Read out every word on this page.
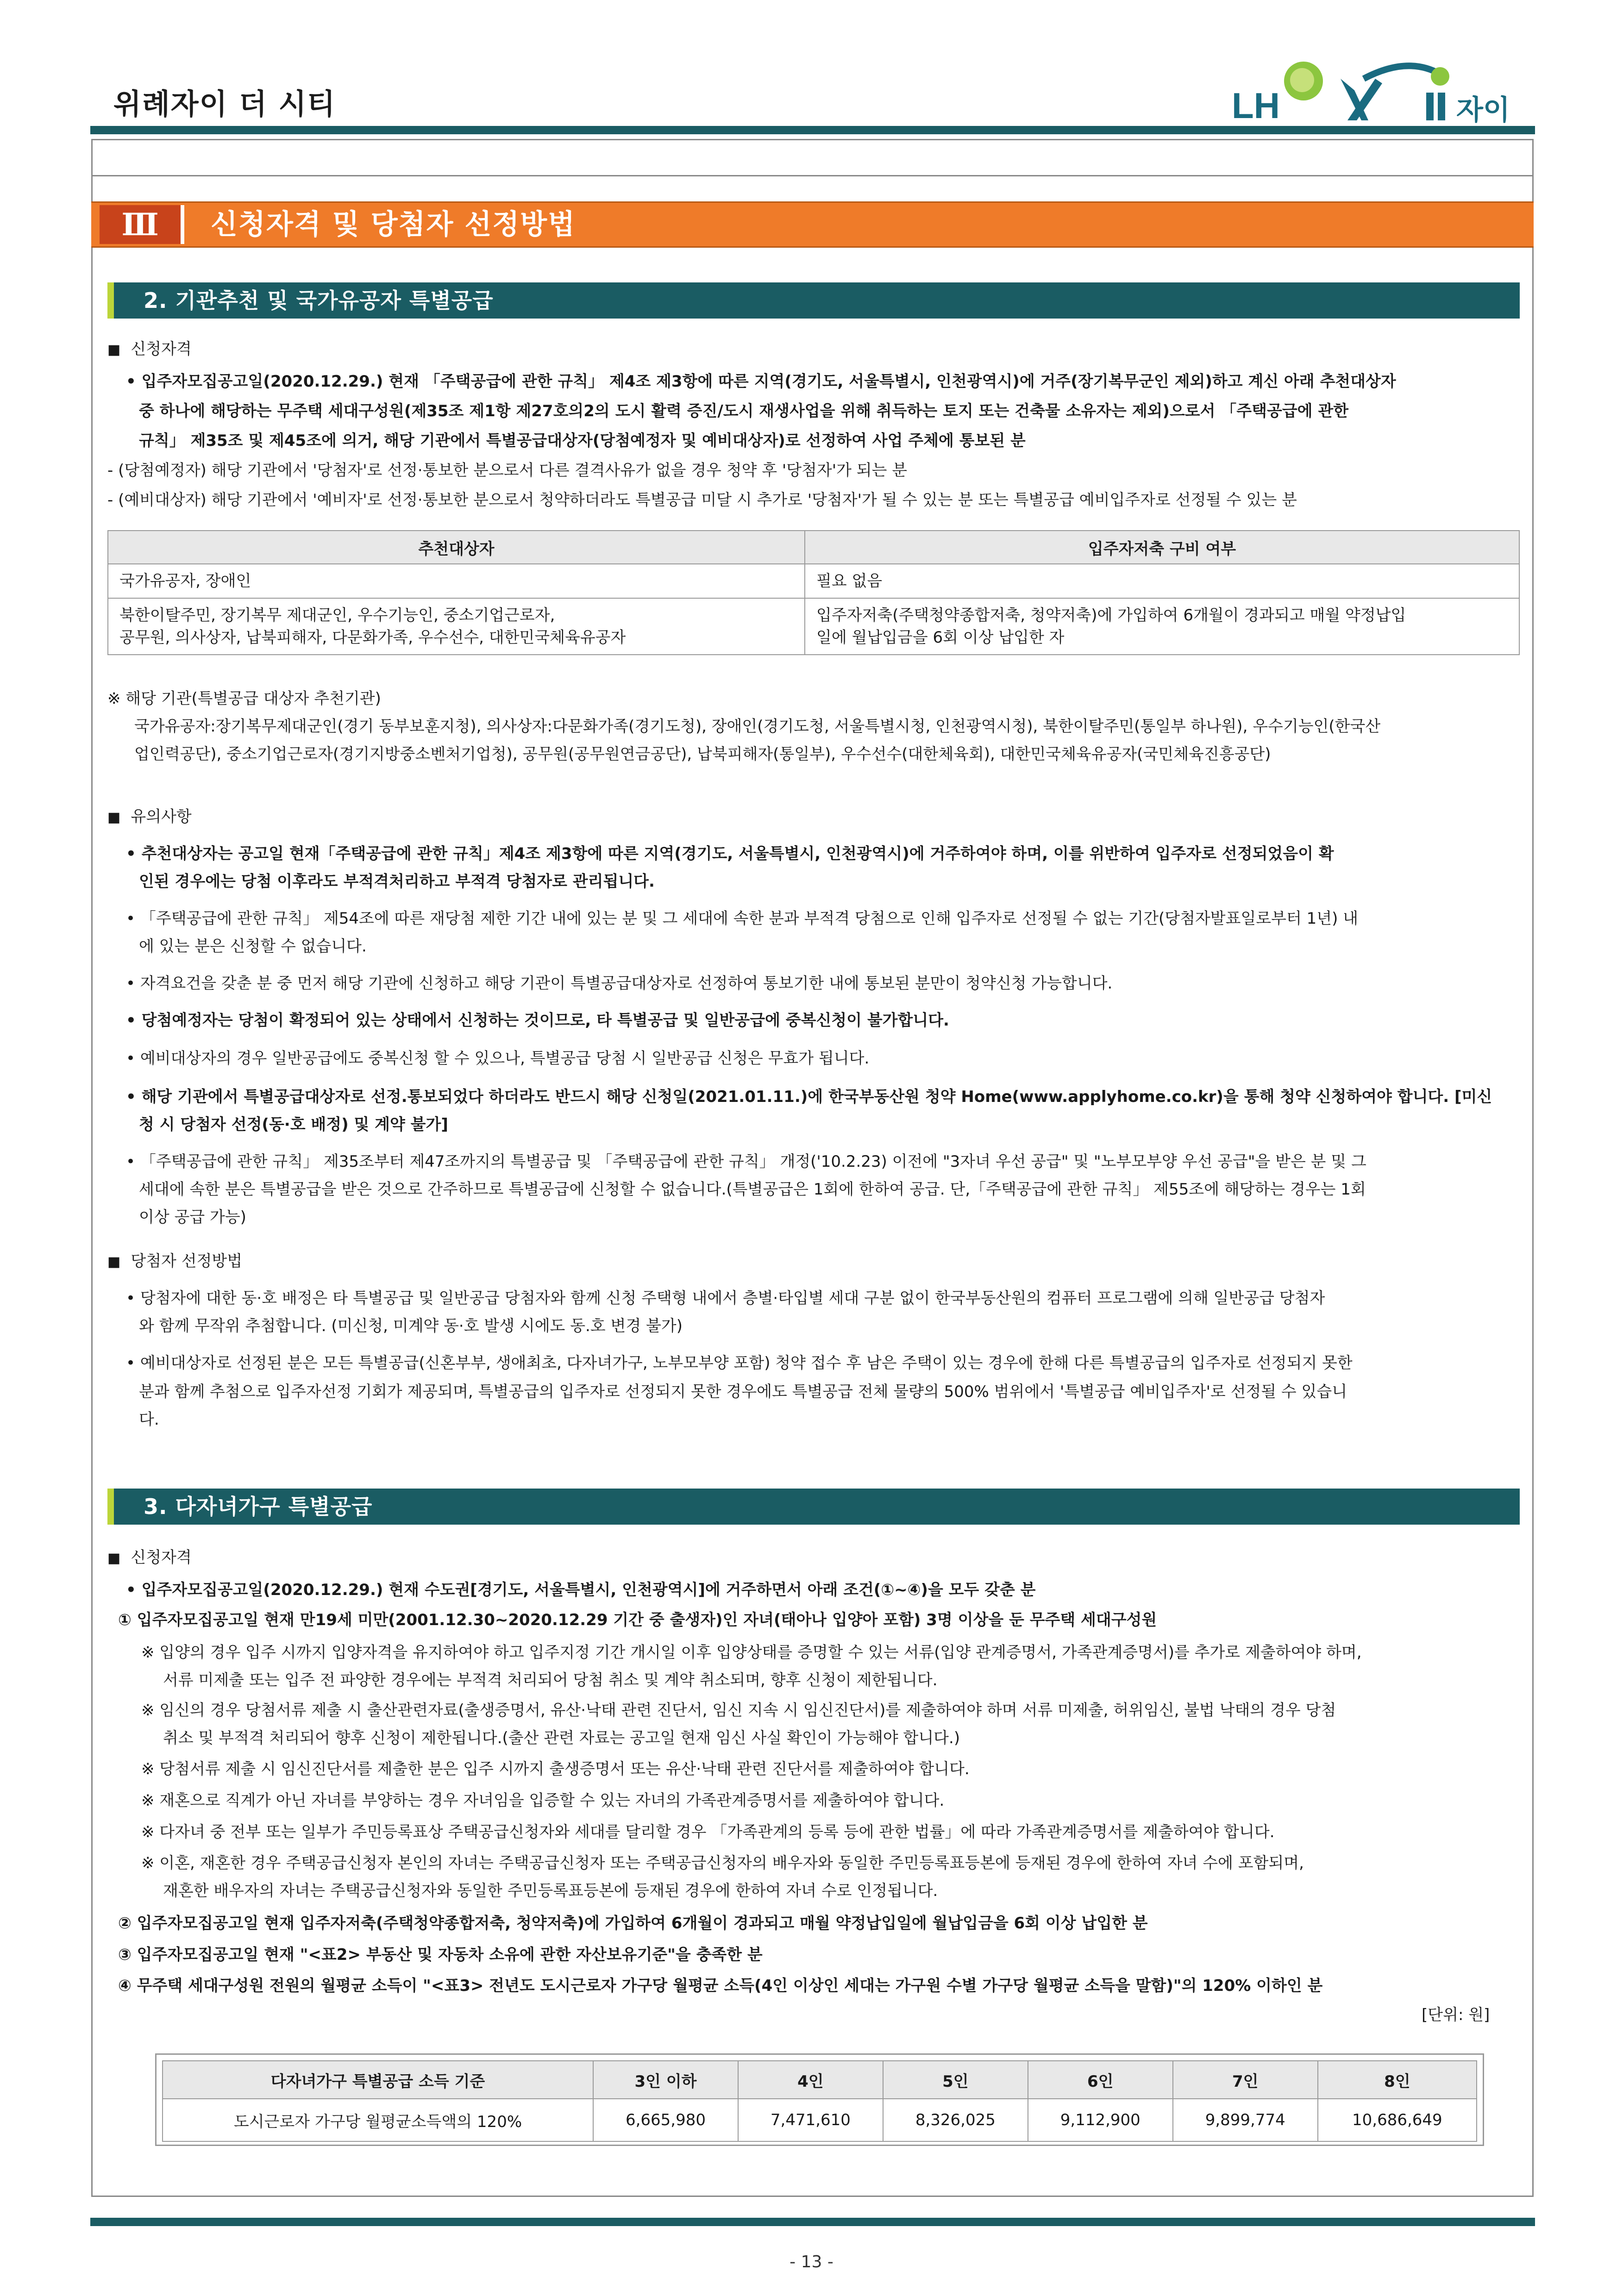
위례자이 더 시티	LH	자이
Ⅲ	신청자격 및 당첨자 선정방법
2. 기관추천 및 국가유공자 특별공급
■ 신청자격
• 입주자모집공고일(2020.12.29.) 현재 「주택공급에 관한 규칙」 제4조 제3항에 따른 지역(경기도, 서울특별시, 인천광역시)에 거주(장기복무군인 제외)하고 계신 아래 추천대상자
중 하나에 해당하는 무주택 세대구성원(제35조 제1항 제27호의2의 도시 활력 증진/도시 재생사업을 위해 취득하는 토지 또는 건축물 소유자는 제외)으로서 「주택공급에 관한
규칙」 제35조 및 제45조에 의거, 해당 기관에서 특별공급대상자(당첨예정자 및 예비대상자)로 선정하여 사업 주체에 통보된 분
- (당첨예정자) 해당 기관에서 '당첨자'로 선정·통보한 분으로서 다른 결격사유가 없을 경우 청약 후 '당첨자'가 되는 분
- (예비대상자) 해당 기관에서 '예비자'로 선정·통보한 분으로서 청약하더라도 특별공급 미달 시 추가로 '당첨자'가 될 수 있는 분 또는 특별공급 예비입주자로 선정될 수 있는 분
추천대상자	입주자저축 구비 여부
국가유공자, 장애인	필요 없음
북한이탈주민, 장기복무 제대군인, 우수기능인, 중소기업근로자,
공무원, 의사상자, 납북피해자, 다문화가족, 우수선수, 대한민국체육유공자	입주자저축(주택청약종합저축, 청약저축)에 가입하여 6개월이 경과되고 매월 약정납입
일에 월납입금을 6회 이상 납입한 자
※ 해당 기관(특별공급 대상자 추천기관)
국가유공자:장기복무제대군인(경기 동부보훈지청), 의사상자:다문화가족(경기도청), 장애인(경기도청, 서울특별시청, 인천광역시청), 북한이탈주민(통일부 하나원), 우수기능인(한국산
업인력공단), 중소기업근로자(경기지방중소벤처기업청), 공무원(공무원연금공단), 납북피해자(통일부), 우수선수(대한체육회), 대한민국체육유공자(국민체육진흥공단)
■ 유의사항
• 추천대상자는 공고일 현재「주택공급에 관한 규칙」제4조 제3항에 따른 지역(경기도, 서울특별시, 인천광역시)에 거주하여야 하며, 이를 위반하여 입주자로 선정되었음이 확
인된 경우에는 당첨 이후라도 부적격처리하고 부적격 당첨자로 관리됩니다.
• 「주택공급에 관한 규칙」 제54조에 따른 재당첨 제한 기간 내에 있는 분 및 그 세대에 속한 분과 부적격 당첨으로 인해 입주자로 선정될 수 없는 기간(당첨자발표일로부터 1년) 내
에 있는 분은 신청할 수 없습니다.
• 자격요건을 갖춘 분 중 먼저 해당 기관에 신청하고 해당 기관이 특별공급대상자로 선정하여 통보기한 내에 통보된 분만이 청약신청 가능합니다.
• 당첨예정자는 당첨이 확정되어 있는 상태에서 신청하는 것이므로, 타 특별공급 및 일반공급에 중복신청이 불가합니다.
• 예비대상자의 경우 일반공급에도 중복신청 할 수 있으나, 특별공급 당첨 시 일반공급 신청은 무효가 됩니다.
• 해당 기관에서 특별공급대상자로 선정.통보되었다 하더라도 반드시 해당 신청일(2021.01.11.)에 한국부동산원 청약 Home(www.applyhome.co.kr)을 통해 청약 신청하여야 합니다. [미신
청 시 당첨자 선정(동·호 배정) 및 계약 불가]
• 「주택공급에 관한 규칙」 제35조부터 제47조까지의 특별공급 및 「주택공급에 관한 규칙」 개정('10.2.23) 이전에 "3자녀 우선 공급" 및 "노부모부양 우선 공급"을 받은 분 및 그
세대에 속한 분은 특별공급을 받은 것으로 간주하므로 특별공급에 신청할 수 없습니다.(특별공급은 1회에 한하여 공급. 단,「주택공급에 관한 규칙」 제55조에 해당하는 경우는 1회
이상 공급 가능)
■ 당첨자 선정방법
• 당첨자에 대한 동·호 배정은 타 특별공급 및 일반공급 당첨자와 함께 신청 주택형 내에서 층별·타입별 세대 구분 없이 한국부동산원의 컴퓨터 프로그램에 의해 일반공급 당첨자
와 함께 무작위 추첨합니다. (미신청, 미계약 동·호 발생 시에도 동.호 변경 불가)
• 예비대상자로 선정된 분은 모든 특별공급(신혼부부, 생애최초, 다자녀가구, 노부모부양 포함) 청약 접수 후 남은 주택이 있는 경우에 한해 다른 특별공급의 입주자로 선정되지 못한
분과 함께 추첨으로 입주자선정 기회가 제공되며, 특별공급의 입주자로 선정되지 못한 경우에도 특별공급 전체 물량의 500% 범위에서 '특별공급 예비입주자'로 선정될 수 있습니
다.
3. 다자녀가구 특별공급
■ 신청자격
• 입주자모집공고일(2020.12.29.) 현재 수도권[경기도, 서울특별시, 인천광역시]에 거주하면서 아래 조건(①~④)을 모두 갖춘 분
① 입주자모집공고일 현재 만19세 미만(2001.12.30~2020.12.29 기간 중 출생자)인 자녀(태아나 입양아 포함) 3명 이상을 둔 무주택 세대구성원
※ 입양의 경우 입주 시까지 입양자격을 유지하여야 하고 입주지정 기간 개시일 이후 입양상태를 증명할 수 있는 서류(입양 관계증명서, 가족관계증명서)를 추가로 제출하여야 하며,
서류 미제출 또는 입주 전 파양한 경우에는 부적격 처리되어 당첨 취소 및 계약 취소되며, 향후 신청이 제한됩니다.
※ 임신의 경우 당첨서류 제출 시 출산관련자료(출생증명서, 유산·낙태 관련 진단서, 임신 지속 시 임신진단서)를 제출하여야 하며 서류 미제출, 허위임신, 불법 낙태의 경우 당첨
취소 및 부적격 처리되어 향후 신청이 제한됩니다.(출산 관련 자료는 공고일 현재 임신 사실 확인이 가능해야 합니다.)
※ 당첨서류 제출 시 임신진단서를 제출한 분은 입주 시까지 출생증명서 또는 유산·낙태 관련 진단서를 제출하여야 합니다.
※ 재혼으로 직계가 아닌 자녀를 부양하는 경우 자녀임을 입증할 수 있는 자녀의 가족관계증명서를 제출하여야 합니다.
※ 다자녀 중 전부 또는 일부가 주민등록표상 주택공급신청자와 세대를 달리할 경우 「가족관계의 등록 등에 관한 법률」에 따라 가족관계증명서를 제출하여야 합니다.
※ 이혼, 재혼한 경우 주택공급신청자 본인의 자녀는 주택공급신청자 또는 주택공급신청자의 배우자와 동일한 주민등록표등본에 등재된 경우에 한하여 자녀 수에 포함되며,
재혼한 배우자의 자녀는 주택공급신청자와 동일한 주민등록표등본에 등재된 경우에 한하여 자녀 수로 인정됩니다.
② 입주자모집공고일 현재 입주자저축(주택청약종합저축, 청약저축)에 가입하여 6개월이 경과되고 매월 약정납입일에 월납입금을 6회 이상 납입한 분
③ 입주자모집공고일 현재 "<표2> 부동산 및 자동차 소유에 관한 자산보유기준"을 충족한 분
④ 무주택 세대구성원 전원의 월평균 소득이 "<표3> 전년도 도시근로자 가구당 월평균 소득(4인 이상인 세대는 가구원 수별 가구당 월평균 소득을 말함)"의 120% 이하인 분
[단위: 원]
다자녀가구 특별공급 소득 기준	3인 이하	4인	5인	6인	7인	8인
도시근로자 가구당 월평균소득액의 120%	6,665,980	7,471,610	8,326,025	9,112,900	9,899,774	10,686,649
- 13 -
